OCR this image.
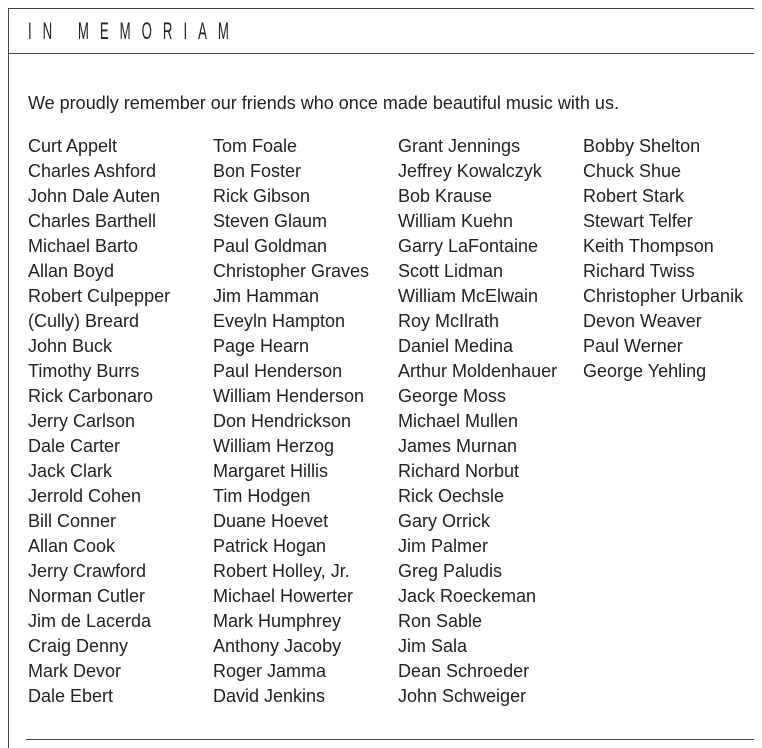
IN MEMORIAM
We proudly remember our friends who once made beautiful music with us.
Curt Appelt
Charles Ashford
John Dale Auten
Charles Barthell
Michael Barto
Allan Boyd
Robert Culpepper
(Cully) Breard
John Buck
Timothy Burrs
Rick Carbonaro
Jerry Carlson
Dale Carter
Jack Clark
Jerrold Cohen
Bill Conner
Allan Cook
Jerry Crawford
Norman Cutler
Jim de Lacerda
Craig Denny
Mark Devor
Dale Ebert
Tom Foale
Bon Foster
Rick Gibson
Steven Glaum
Paul Goldman
Christopher Graves
Jim Hamman
Eveyln Hampton
Page Hearn
Paul Henderson
William Henderson
Don Hendrickson
William Herzog
Margaret Hillis
Tim Hodgen
Duane Hoevet
Patrick Hogan
Robert Holley, Jr.
Michael Howerter
Mark Humphrey
Anthony Jacoby
Roger Jamma
David Jenkins
Grant Jennings
Jeffrey Kowalczyk
Bob Krause
William Kuehn
Garry LaFontaine
Scott Lidman
William McElwain
Roy McIlrath
Daniel Medina
Arthur Moldenhauer
George Moss
Michael Mullen
James Murnan
Richard Norbut
Rick Oechsle
Gary Orrick
Jim Palmer
Greg Paludis
Jack Roeckeman
Ron Sable
Jim Sala
Dean Schroeder
John Schweiger
Bobby Shelton
Chuck Shue
Robert Stark
Stewart Telfer
Keith Thompson
Richard Twiss
Christopher Urbanik
Devon Weaver
Paul Werner
George Yehling
